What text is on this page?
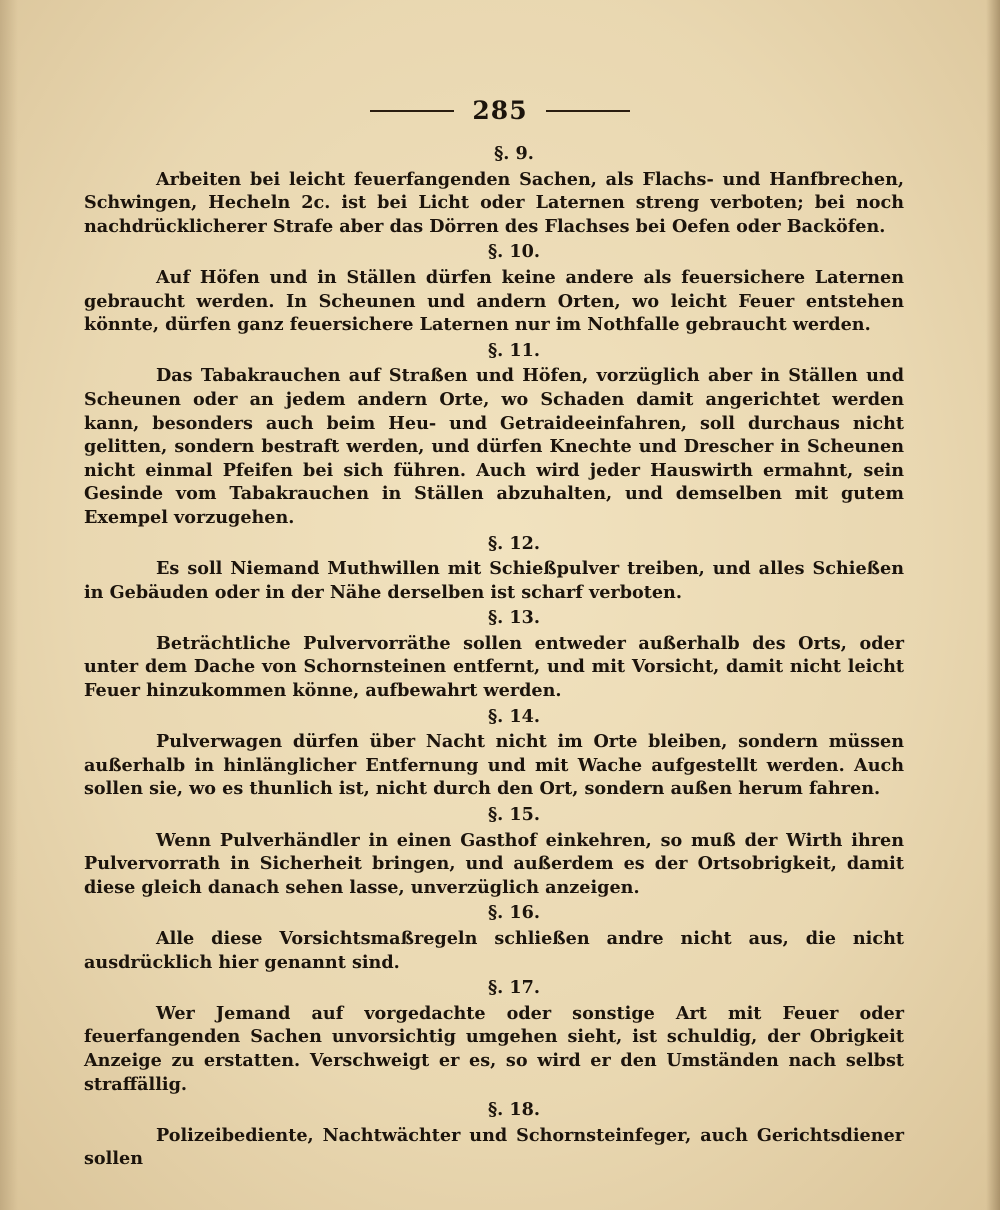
285

§. 9.

Arbeiten bei leicht feuerfangenden Sachen, als Flachs- und Hanfbrechen, Schwingen, Hecheln 2c. ist bei Licht oder Laternen streng verboten; bei noch nachdrücklicherer Strafe aber das Dörren des Flachses bei Oefen oder Backöfen.

§. 10.

Auf Höfen und in Ställen dürfen keine andere als feuersichere Laternen gebraucht werden. In Scheunen und andern Orten, wo leicht Feuer entstehen könnte, dürfen ganz feuersichere Laternen nur im Nothfalle gebraucht werden.

§. 11.

Das Tabakrauchen auf Straßen und Höfen, vorzüglich aber in Ställen und Scheunen oder an jedem andern Orte, wo Schaden damit angerichtet werden kann, besonders auch beim Heu- und Getraideeinfahren, soll durchaus nicht gelitten, sondern bestraft werden, und dürfen Knechte und Drescher in Scheunen nicht einmal Pfeifen bei sich führen. Auch wird jeder Hauswirth ermahnt, sein Gesinde vom Tabakrauchen in Ställen abzuhalten, und demselben mit gutem Exempel vorzugehen.

§. 12.

Es soll Niemand Muthwillen mit Schießpulver treiben, und alles Schießen in Gebäuden oder in der Nähe derselben ist scharf verboten.

§. 13.

Beträchtliche Pulvervorräthe sollen entweder außerhalb des Orts, oder unter dem Dache von Schornsteinen entfernt, und mit Vorsicht, damit nicht leicht Feuer hinzukommen könne, aufbewahrt werden.

§. 14.

Pulverwagen dürfen über Nacht nicht im Orte bleiben, sondern müssen außerhalb in hinlänglicher Entfernung und mit Wache aufgestellt werden. Auch sollen sie, wo es thunlich ist, nicht durch den Ort, sondern außen herum fahren.

§. 15.

Wenn Pulverhändler in einen Gasthof einkehren, so muß der Wirth ihren Pulvervorrath in Sicherheit bringen, und außerdem es der Ortsobrigkeit, damit diese gleich danach sehen lasse, unverzüglich anzeigen.

§. 16.

Alle diese Vorsichtsmaßregeln schließen andre nicht aus, die nicht ausdrücklich hier genannt sind.

§. 17.

Wer Jemand auf vorgedachte oder sonstige Art mit Feuer oder feuerfangenden Sachen unvorsichtig umgehen sieht, ist schuldig, der Obrigkeit Anzeige zu erstatten. Verschweigt er es, so wird er den Umständen nach selbst straffällig.

§. 18.

Polizeibediente, Nachtwächter und Schornsteinfeger, auch Gerichtsdiener sollen
